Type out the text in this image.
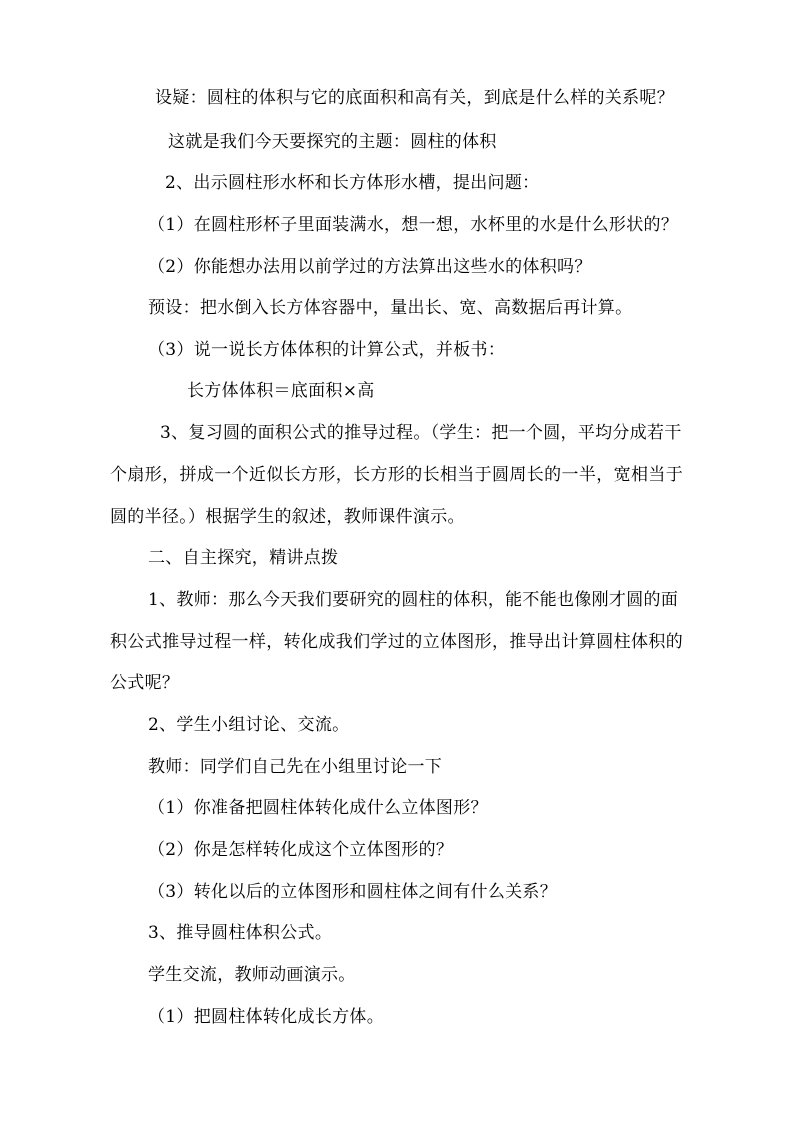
设疑：圆柱的体积与它的底面积和高有关，到底是什么样的关系呢？
这就是我们今天要探究的主题：圆柱的体积
2、出示圆柱形水杯和长方体形水槽，提出问题：
（1）在圆柱形杯子里面装满水，想一想，水杯里的水是什么形状的？
（2）你能想办法用以前学过的方法算出这些水的体积吗？
预设：把水倒入长方体容器中，量出长、宽、高数据后再计算。
（3）说一说长方体体积的计算公式，并板书：
长方体体积＝底面积×高
3、复习圆的面积公式的推导过程。（学生：把一个圆，平均分成若干
个扇形，拼成一个近似长方形，长方形的长相当于圆周长的一半，宽相当于
圆的半径。）根据学生的叙述，教师课件演示。
二、自主探究，精讲点拨
1、教师：那么今天我们要研究的圆柱的体积，能不能也像刚才圆的面
积公式推导过程一样，转化成我们学过的立体图形，推导出计算圆柱体积的
公式呢？
2、学生小组讨论、交流。
教师：同学们自己先在小组里讨论一下
（1）你准备把圆柱体转化成什么立体图形？
（2）你是怎样转化成这个立体图形的？
（3）转化以后的立体图形和圆柱体之间有什么关系？
3、推导圆柱体积公式。
学生交流，教师动画演示。
（1）把圆柱体转化成长方体。
